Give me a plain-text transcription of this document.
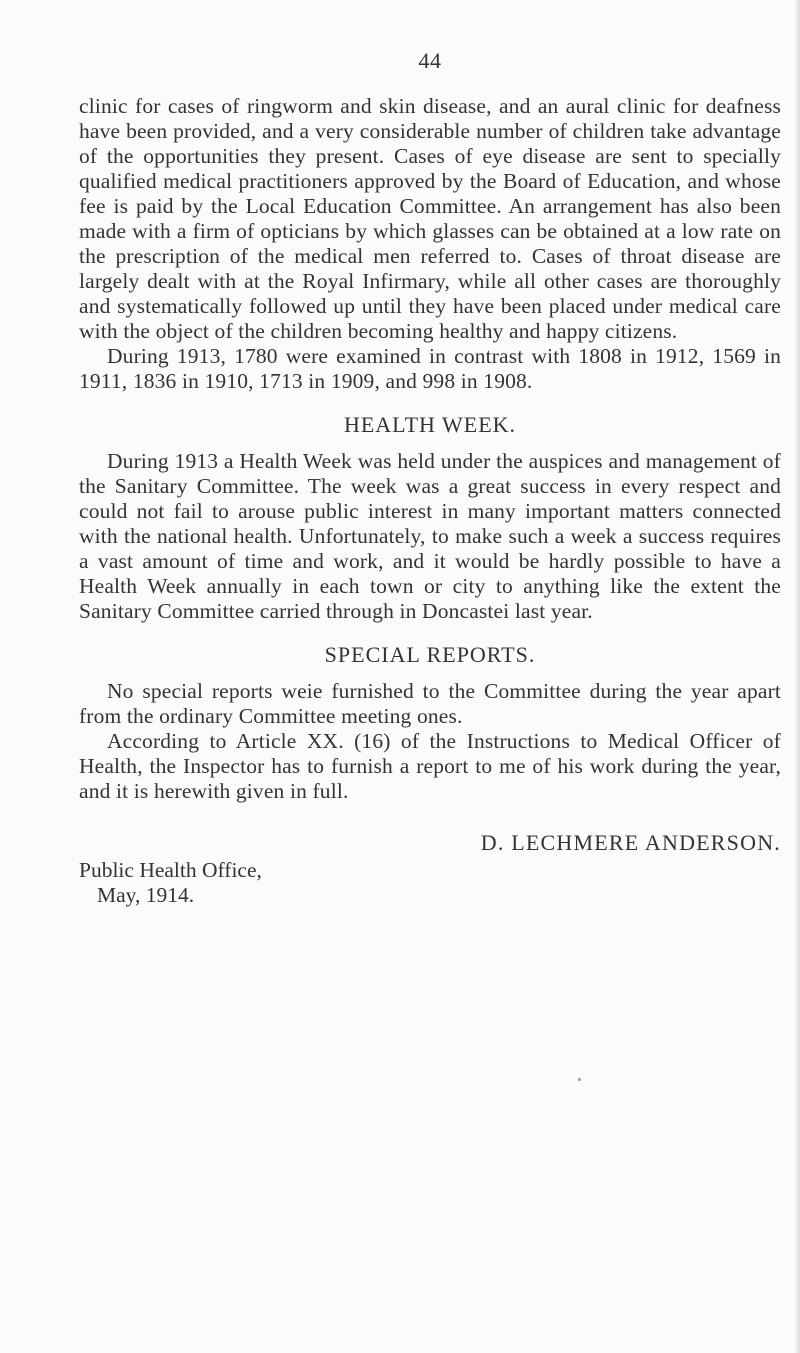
44

clinic for cases of ringworm and skin disease, and an aural clinic for deafness have been provided, and a very considerable number of children take advantage of the opportunities they present. Cases of eye disease are sent to specially qualified medical practitioners approved by the Board of Education, and whose fee is paid by the Local Education Committee. An arrangement has also been made with a firm of opticians by which glasses can be obtained at a low rate on the prescription of the medical men referred to. Cases of throat disease are largely dealt with at the Royal Infirmary, while all other cases are thoroughly and systematically followed up until they have been placed under medical care with the object of the children becoming healthy and happy citizens.

During 1913, 1780 were examined in contrast with 1808 in 1912, 1569 in 1911, 1836 in 1910, 1713 in 1909, and 998 in 1908.

HEALTH WEEK.

During 1913 a Health Week was held under the auspices and management of the Sanitary Committee. The week was a great success in every respect and could not fail to arouse public interest in many important matters connected with the national health. Unfortunately, to make such a week a success requires a vast amount of time and work, and it would be hardly possible to have a Health Week annually in each town or city to anything like the extent the Sanitary Committee carried through in Doncastei last year.

SPECIAL REPORTS.

No special reports weie furnished to the Committee during the year apart from the ordinary Committee meeting ones.

According to Article XX. (16) of the Instructions to Medical Officer of Health, the Inspector has to furnish a report to me of his work during the year, and it is herewith given in full.

D. LECHMERE ANDERSON.
Public Health Office,
May, 1914.
